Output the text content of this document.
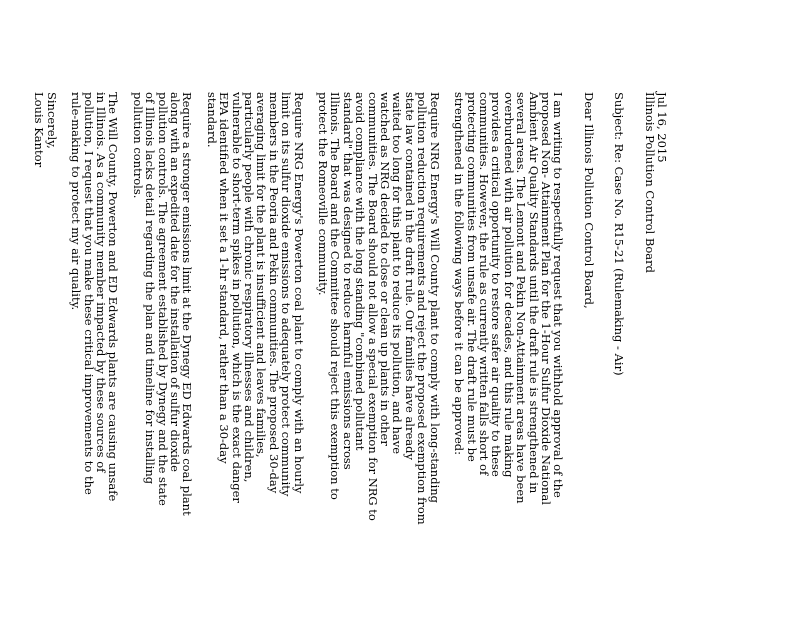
Jul 16, 2015
Illinois Pollution Control Board
Subject: Re: Case No. R15-21 (Rulemaking - Air)
Dear Illinois Pollution Control Board,
I am writing to respectfully request that you withhold approval of the
proposed Non- Attainment Plan for the 1-Hour Sulfur Dioxide National
Ambient Air Quality Standards until the draft rule is strengthened in
several areas. The Lemont and Pekin Non-Attainment areas have been
overburdened with air pollution for decades, and this rule making
provides a critical opportunity to restore safer air quality to these
communities. However, the rule as currently written falls short of
protecting communities from unsafe air. The draft rule must be
strengthened in the following ways before it can be approved:
Require NRG Energy's Will County plant to comply with long-standing
pollution reduction requirements and reject the proposed exemption from
state law contained in the draft rule. Our families have already
waited too long for this plant to reduce its pollution, and have
watched as NRG decided to close or clean up plants in other
communities. The Board should not allow a special exemption for NRG to
avoid compliance with the long standing "combined pollutant
standard" that was designed to reduce harmful emissions across
Illinois. The Board and the Committee should reject this exemption to
protect the Romeoville community.
Require NRG Energy's Powerton coal plant to comply with an hourly
limit on its sulfur dioxide emissions to adequately protect community
members in the Peoria and Pekin communities. The proposed 30-day
averaging limit for the plant is insufficient and leaves families,
particularly people with chronic respiratory illnesses and children,
vulnerable to short-term spikes in pollution, which is the exact danger
EPA identified when it set a 1-hr standard, rather than a 30-day
standard.
Require a stronger emissions limit at the Dynegy ED Edwards coal plant
along with an expedited date for the installation of sulfur dioxide
pollution controls. The agreement established by Dynegy and the state
of Illinois lacks detail regarding the plan and timeline for installing
pollution controls.
The Will County, Powerton and ED Edwards plants are causing unsafe
in Illinois. As a community member impacted by these sources of
pollution, I request that you make these critical improvements to the
rule-making to protect my air quality.
Sincerely,
Louis Kantor
